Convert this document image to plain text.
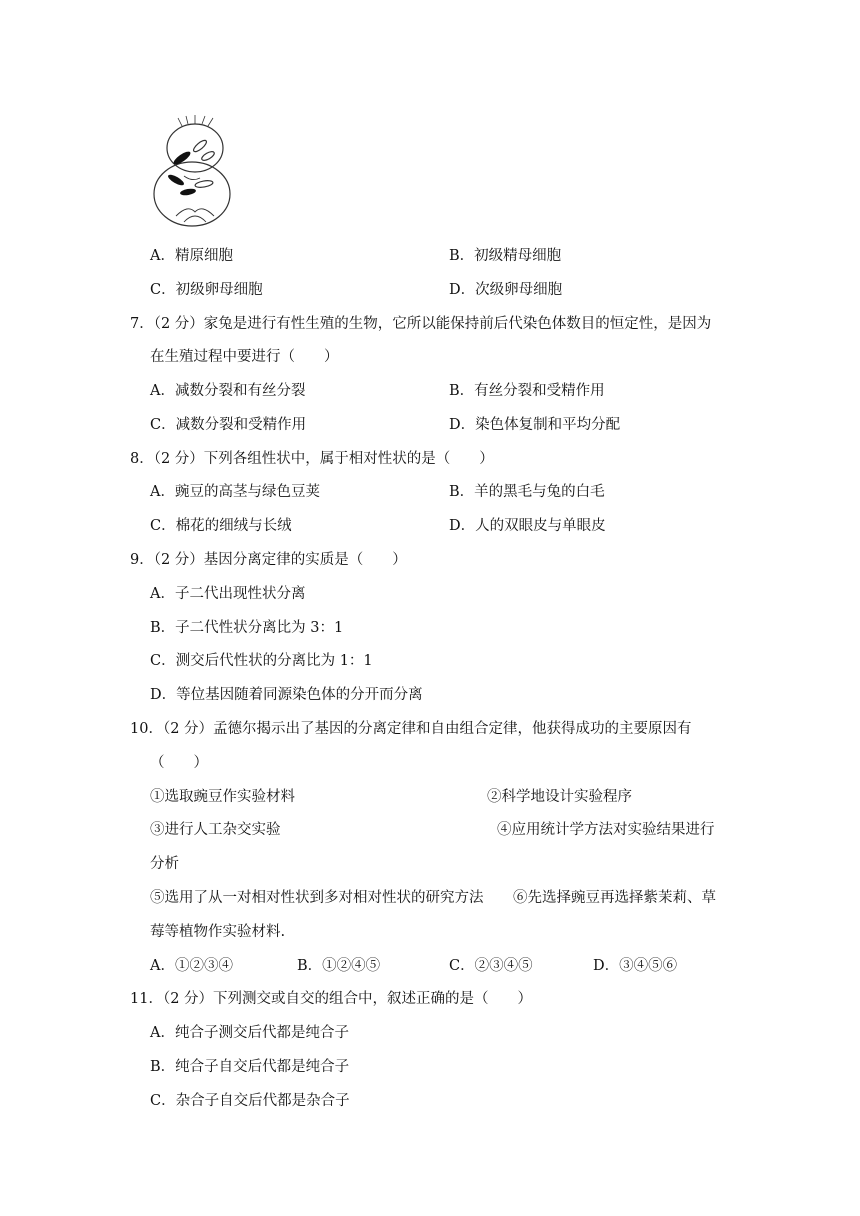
A．精原细胞	B．初级精母细胞
C．初级卵母细胞	D．次级卵母细胞
7．（2 分）家兔是进行有性生殖的生物，它所以能保持前后代染色体数目的恒定性，是因为
在生殖过程中要进行（　　）
A．减数分裂和有丝分裂	B．有丝分裂和受精作用
C．减数分裂和受精作用	D．染色体复制和平均分配
8．（2 分）下列各组性状中，属于相对性状的是（　　）
A．豌豆的高茎与绿色豆荚	B．羊的黑毛与兔的白毛
C．棉花的细绒与长绒	D．人的双眼皮与单眼皮
9．（2 分）基因分离定律的实质是（　　）
A．子二代出现性状分离
B．子二代性状分离比为 3：1
C．测交后代性状的分离比为 1：1
D．等位基因随着同源染色体的分开而分离
10．（2 分）孟德尔揭示出了基因的分离定律和自由组合定律，他获得成功的主要原因有
（　　）
①选取豌豆作实验材料	②科学地设计实验程序
③进行人工杂交实验	④应用统计学方法对实验结果进行
分析
⑤选用了从一对相对性状到多对相对性状的研究方法 ⑥先选择豌豆再选择紫茉莉、草
莓等植物作实验材料.
A．①②③④	B．①②④⑤	C．②③④⑤	D．③④⑤⑥
11．（2 分）下列测交或自交的组合中，叙述正确的是（　　）
A．纯合子测交后代都是纯合子
B．纯合子自交后代都是纯合子
C．杂合子自交后代都是杂合子
